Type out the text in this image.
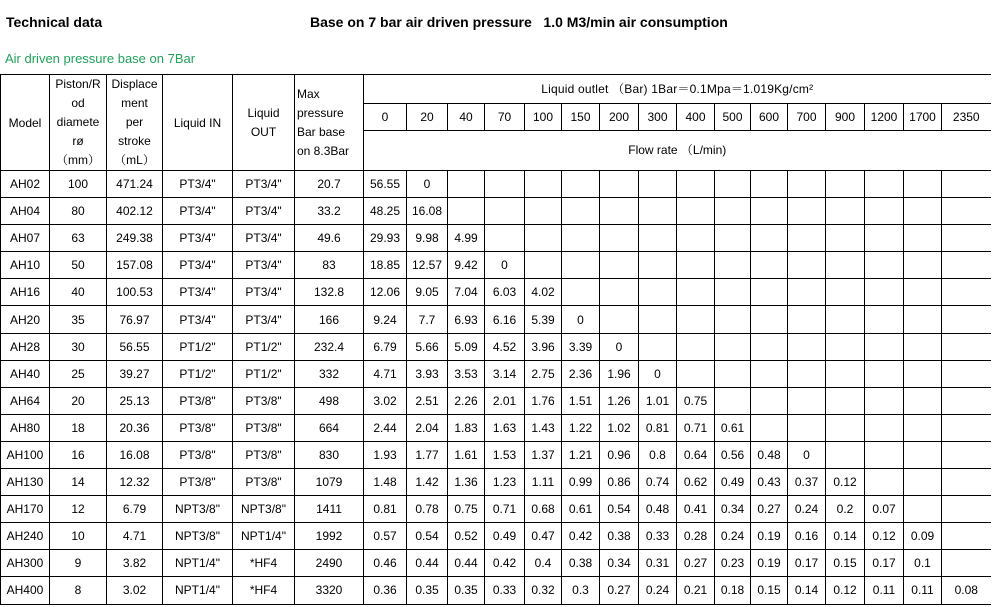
Technical data	Base on 7 bar air driven pressure   1.0 M3/min air consumption
Air driven pressure base on 7Bar
Model	Piston/R
od
diamete
rø
（mm）	Displace
ment
per
stroke
（mL）	Liquid IN	Liquid
OUT	Max
pressure
Bar base
on 8.3Bar	Liquid outlet （Bar) 1Bar＝0.1Mpa＝1.019Kg/cm²															
						0	20	40	70	100	150	200	300	400	500	600	700	900	1200	1700	2350
						Flow rate （L/min)															
AH02	100	471.24	PT3/4"	PT3/4"	20.7	56.55	0														
AH04	80	402.12	PT3/4"	PT3/4"	33.2	48.25	16.08														
AH07	63	249.38	PT3/4"	PT3/4"	49.6	29.93	9.98	4.99													
AH10	50	157.08	PT3/4"	PT3/4"	83	18.85	12.57	9.42	0												
AH16	40	100.53	PT3/4"	PT3/4"	132.8	12.06	9.05	7.04	6.03	4.02											
AH20	35	76.97	PT3/4"	PT3/4"	166	9.24	7.7	6.93	6.16	5.39	0										
AH28	30	56.55	PT1/2"	PT1/2"	232.4	6.79	5.66	5.09	4.52	3.96	3.39	0									
AH40	25	39.27	PT1/2"	PT1/2"	332	4.71	3.93	3.53	3.14	2.75	2.36	1.96	0								
AH64	20	25.13	PT3/8"	PT3/8"	498	3.02	2.51	2.26	2.01	1.76	1.51	1.26	1.01	0.75							
AH80	18	20.36	PT3/8"	PT3/8"	664	2.44	2.04	1.83	1.63	1.43	1.22	1.02	0.81	0.71	0.61						
AH100	16	16.08	PT3/8"	PT3/8"	830	1.93	1.77	1.61	1.53	1.37	1.21	0.96	0.8	0.64	0.56	0.48	0				
AH130	14	12.32	PT3/8"	PT3/8"	1079	1.48	1.42	1.36	1.23	1.11	0.99	0.86	0.74	0.62	0.49	0.43	0.37	0.12			
AH170	12	6.79	NPT3/8"	NPT3/8"	1411	0.81	0.78	0.75	0.71	0.68	0.61	0.54	0.48	0.41	0.34	0.27	0.24	0.2	0.07		
AH240	10	4.71	NPT3/8"	NPT1/4"	1992	0.57	0.54	0.52	0.49	0.47	0.42	0.38	0.33	0.28	0.24	0.19	0.16	0.14	0.12	0.09	
AH300	9	3.82	NPT1/4"	*HF4	2490	0.46	0.44	0.44	0.42	0.4	0.38	0.34	0.31	0.27	0.23	0.19	0.17	0.15	0.17	0.1	
AH400	8	3.02	NPT1/4"	*HF4	3320	0.36	0.35	0.35	0.33	0.32	0.3	0.27	0.24	0.21	0.18	0.15	0.14	0.12	0.11	0.11	0.08
